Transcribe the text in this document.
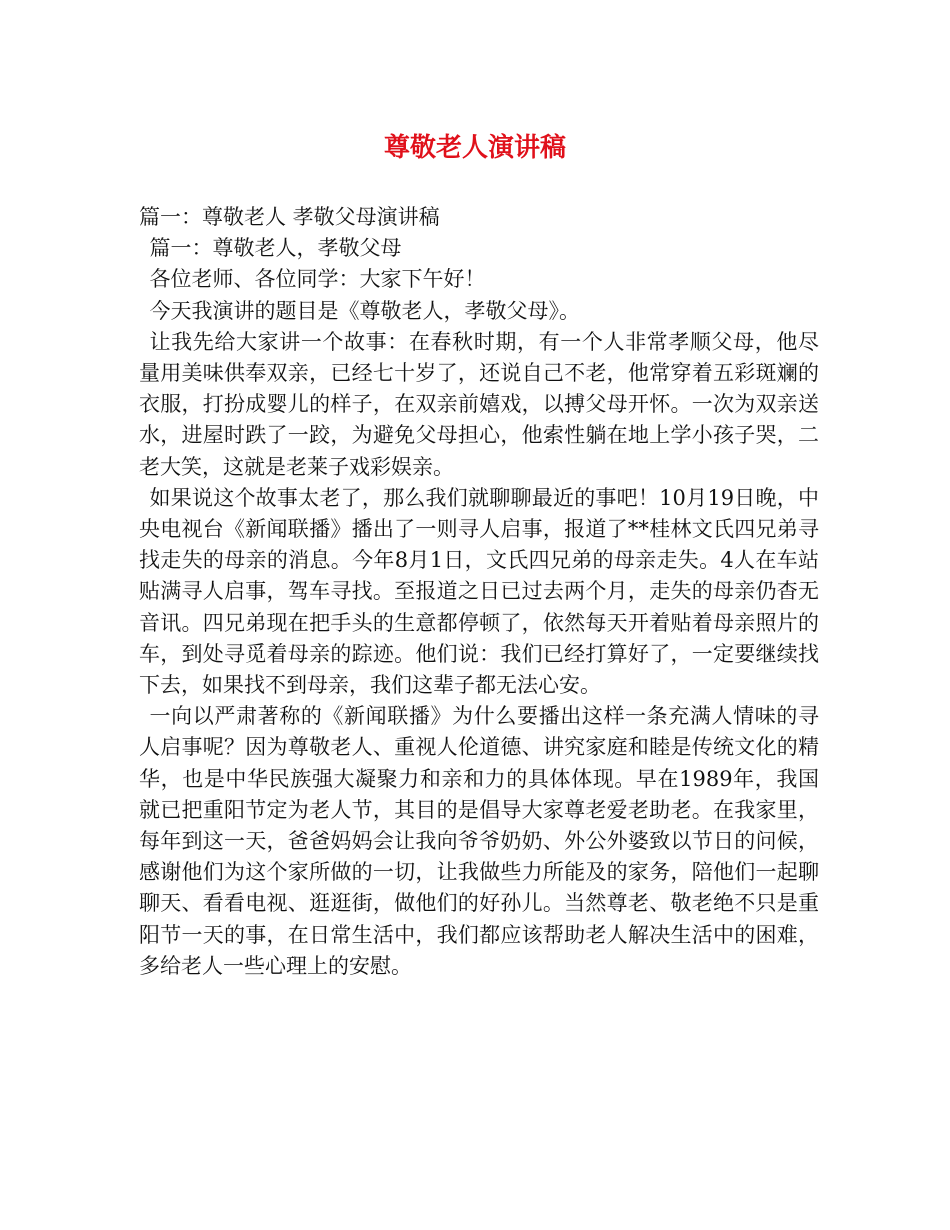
尊敬老人演讲稿

篇一：尊敬老人 孝敬父母演讲稿

篇一：尊敬老人，孝敬父母

各位老师、各位同学：大家下午好！

今天我演讲的题目是《尊敬老人，孝敬父母》。

让我先给大家讲一个故事：在春秋时期，有一个人非常孝顺父母，他尽量用美味供奉双亲，已经七十岁了，还说自己不老，他常穿着五彩斑斓的衣服，打扮成婴儿的样子，在双亲前嬉戏，以搏父母开怀。一次为双亲送水，进屋时跌了一跤，为避免父母担心，他索性躺在地上学小孩子哭，二老大笑，这就是老莱子戏彩娱亲。

如果说这个故事太老了，那么我们就聊聊最近的事吧！10月19日晚，中央电视台《新闻联播》播出了一则寻人启事，报道了**桂林文氏四兄弟寻找走失的母亲的消息。今年8月1日，文氏四兄弟的母亲走失。4人在车站贴满寻人启事，驾车寻找。至报道之日已过去两个月，走失的母亲仍杳无音讯。四兄弟现在把手头的生意都停顿了，依然每天开着贴着母亲照片的车，到处寻觅着母亲的踪迹。他们说：我们已经打算好了，一定要继续找下去，如果找不到母亲，我们这辈子都无法心安。

一向以严肃著称的《新闻联播》为什么要播出这样一条充满人情味的寻人启事呢？因为尊敬老人、重视人伦道德、讲究家庭和睦是传统文化的精华，也是中华民族强大凝聚力和亲和力的具体体现。早在1989年，我国就已把重阳节定为老人节，其目的是倡导大家尊老爱老助老。在我家里，每年到这一天，爸爸妈妈会让我向爷爷奶奶、外公外婆致以节日的问候，感谢他们为这个家所做的一切，让我做些力所能及的家务，陪他们一起聊聊天、看看电视、逛逛街，做他们的好孙儿。当然尊老、敬老绝不只是重阳节一天的事，在日常生活中，我们都应该帮助老人解决生活中的困难，多给老人一些心理上的安慰。
